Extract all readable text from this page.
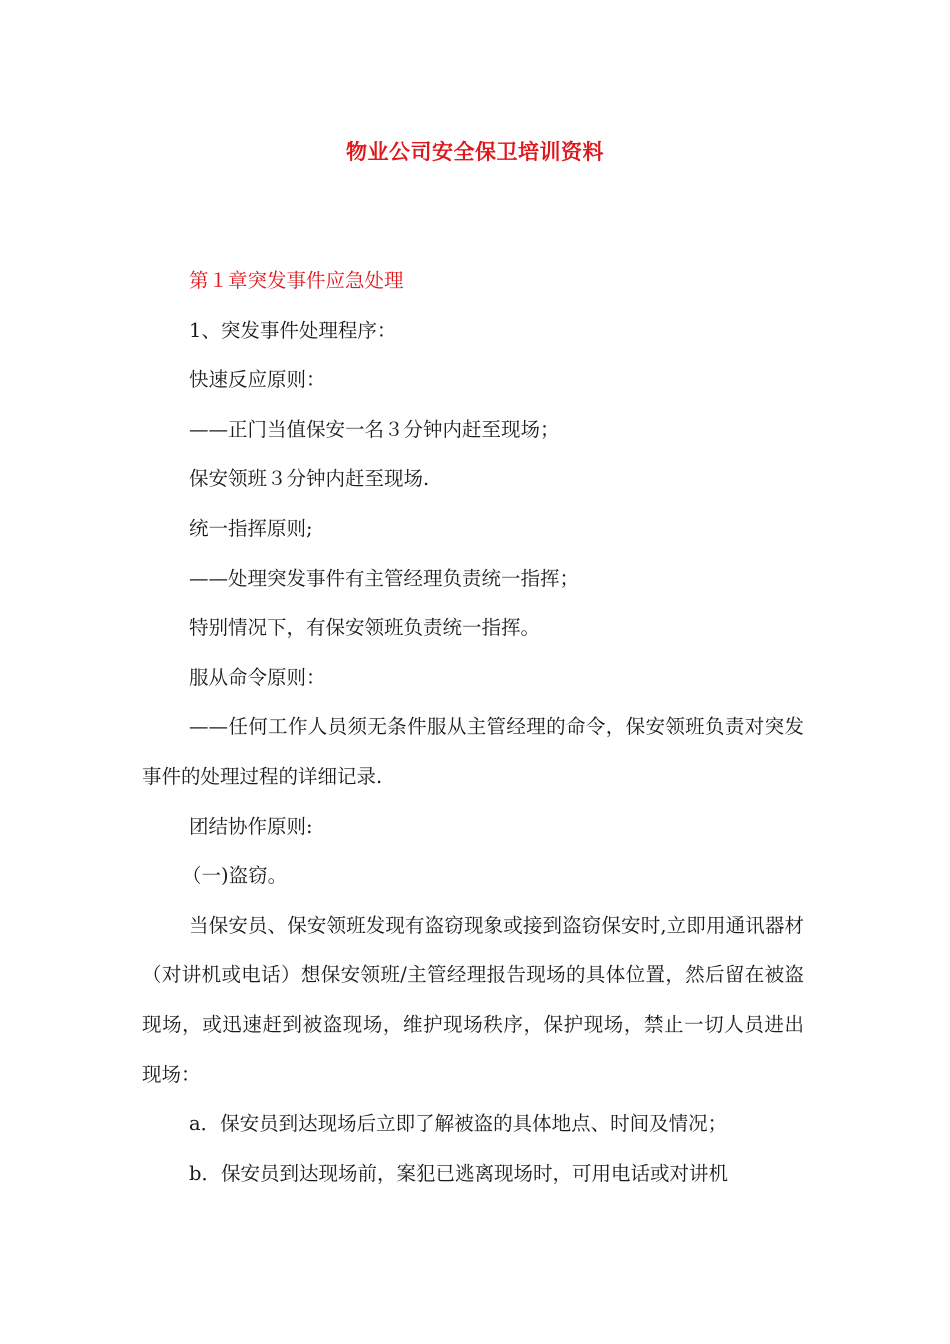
物业公司安全保卫培训资料

第１章突发事件应急处理

1、突发事件处理程序：

快速反应原则：

——正门当值保安一名３分钟内赶至现场；

保安领班３分钟内赶至现场.

统一指挥原则;

——处理突发事件有主管经理负责统一指挥；

特别情况下，有保安领班负责统一指挥。

服从命令原则：

——任何工作人员须无条件服从主管经理的命令，保安领班负责对突发事件的处理过程的详细记录.

团结协作原则:

（一)盗窃。

当保安员、保安领班发现有盗窃现象或接到盗窃保安时,立即用通讯器材（对讲机或电话）想保安领班/主管经理报告现场的具体位置，然后留在被盗现场，或迅速赶到被盗现场，维护现场秩序，保护现场，禁止一切人员进出现场：

a．保安员到达现场后立即了解被盗的具体地点、时间及情况；

b．保安员到达现场前，案犯已逃离现场时，可用电话或对讲机
